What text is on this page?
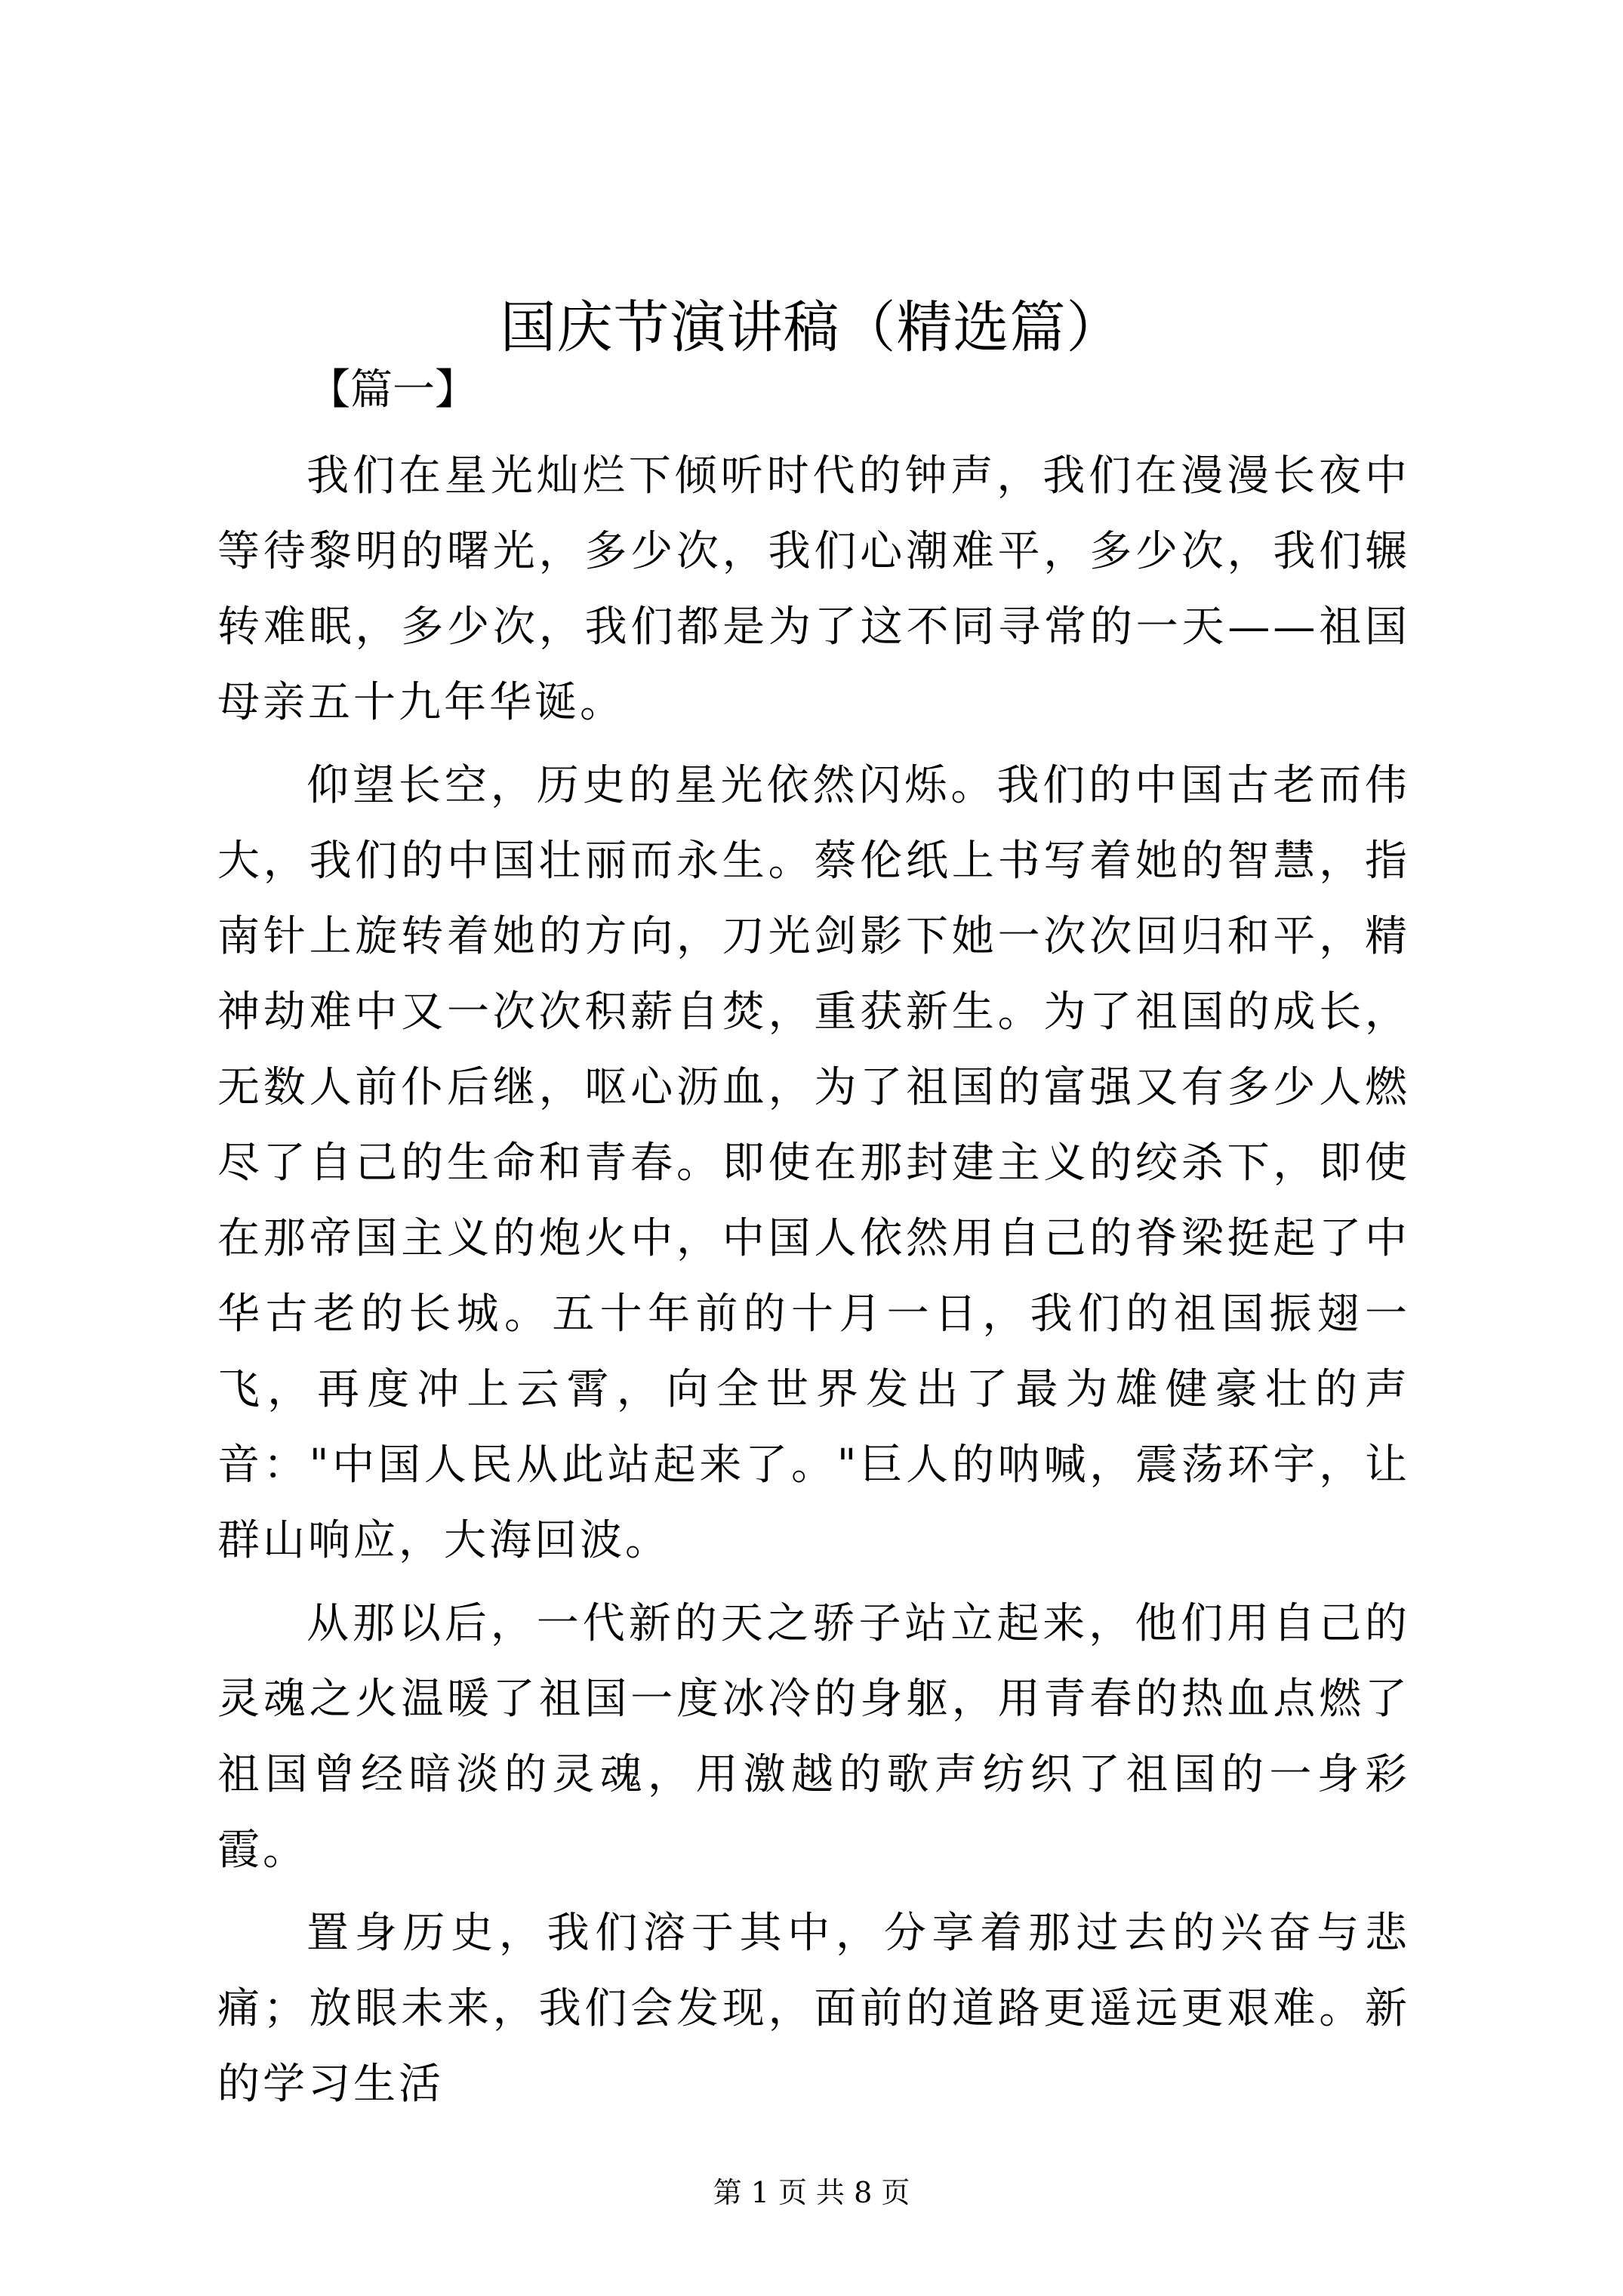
国庆节演讲稿（精选篇）
【篇一】

我们在星光灿烂下倾听时代的钟声，我们在漫漫长夜中等待黎明的曙光，多少次，我们心潮难平，多少次，我们辗转难眠，多少次，我们都是为了这不同寻常的一天——祖国母亲五十九年华诞。

仰望长空，历史的星光依然闪烁。我们的中国古老而伟大，我们的中国壮丽而永生。蔡伦纸上书写着她的智慧，指南针上旋转着她的方向，刀光剑影下她一次次回归和平，精神劫难中又一次次积薪自焚，重获新生。为了祖国的成长，无数人前仆后继，呕心沥血，为了祖国的富强又有多少人燃尽了自己的生命和青春。即使在那封建主义的绞杀下，即使在那帝国主义的炮火中，中国人依然用自己的脊梁挺起了中华古老的长城。五十年前的十月一日，我们的祖国振翅一飞，再度冲上云霄，向全世界发出了最为雄健豪壮的声音："中国人民从此站起来了。"巨人的呐喊，震荡环宇，让群山响应，大海回波。

从那以后，一代新的天之骄子站立起来，他们用自己的灵魂之火温暖了祖国一度冰冷的身躯，用青春的热血点燃了祖国曾经暗淡的灵魂，用激越的歌声纺织了祖国的一身彩霞。

置身历史，我们溶于其中，分享着那过去的兴奋与悲痛；放眼未来，我们会发现，面前的道路更遥远更艰难。新的学习生活

第 1 页 共 8 页
